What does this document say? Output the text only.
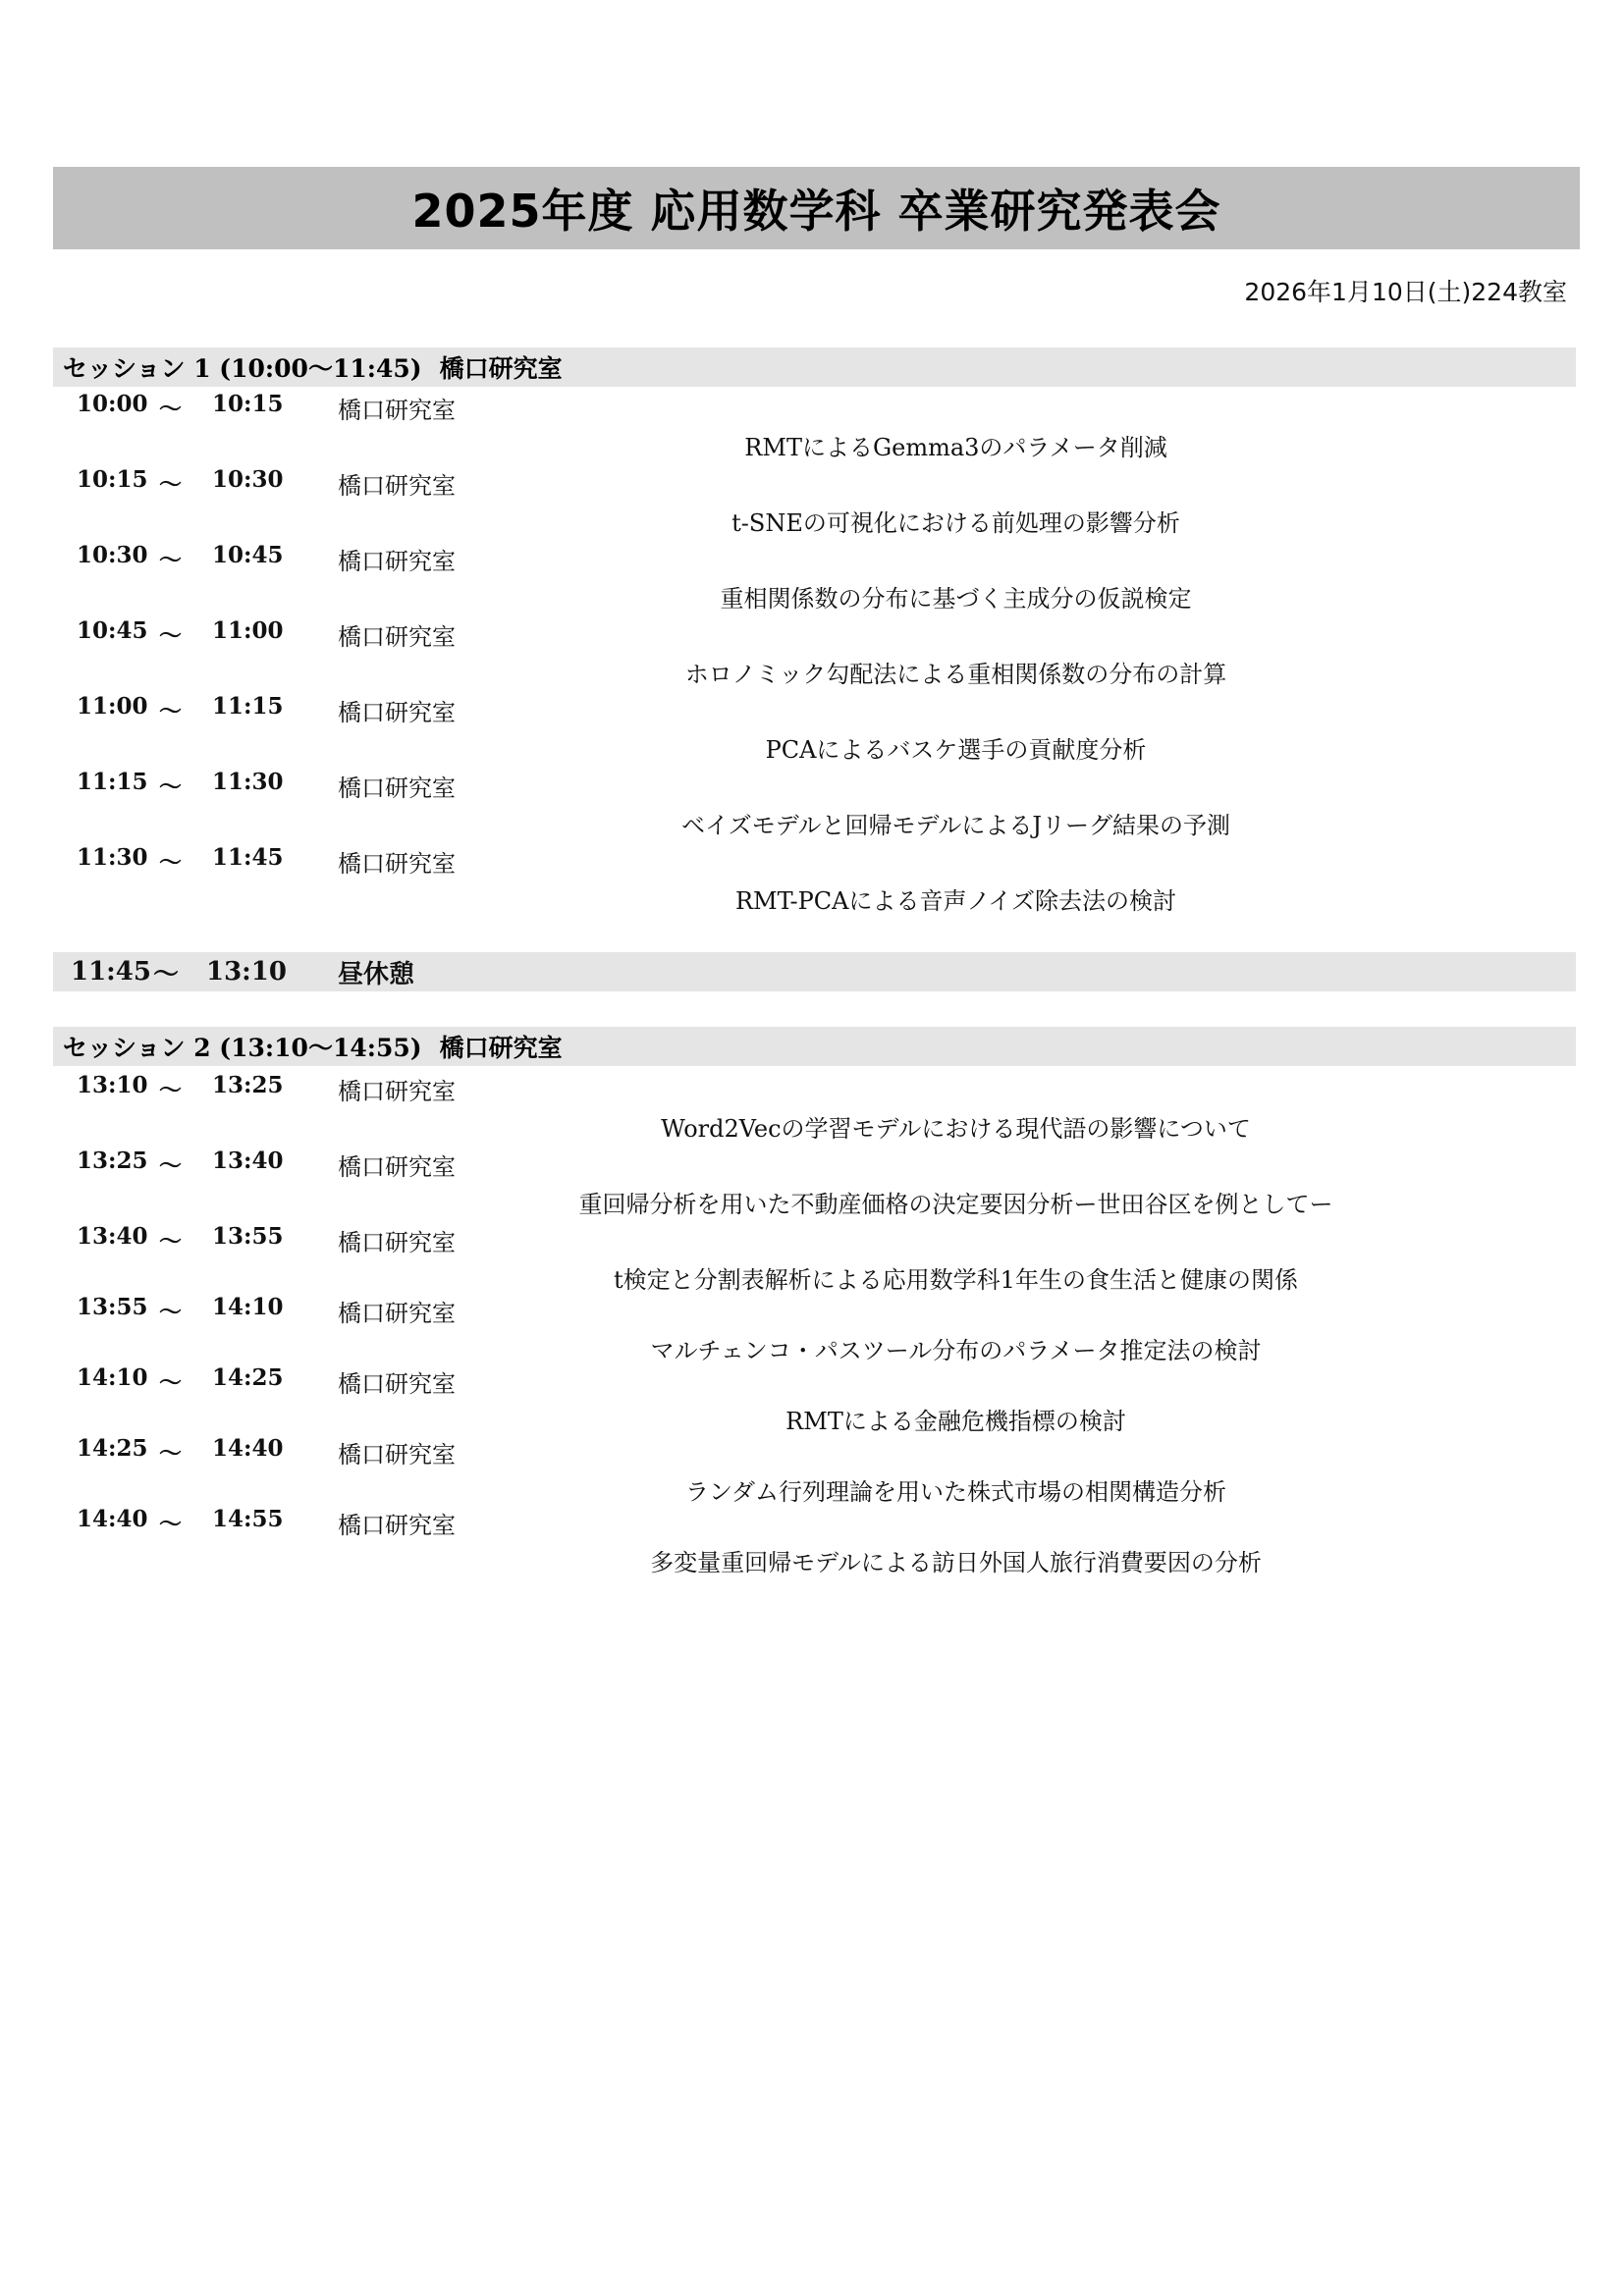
2025年度 応用数学科 卒業研究発表会
2026年1月10日(土)224教室
セッション 1 (10:00〜11:45) 橋口研究室
10:00 〜 10:15 橋口研究室
RMTによるGemma3のパラメータ削減
10:15 〜 10:30 橋口研究室
t-SNEの可視化における前処理の影響分析
10:30 〜 10:45 橋口研究室
重相関係数の分布に基づく主成分の仮説検定
10:45 〜 11:00 橋口研究室
ホロノミック勾配法による重相関係数の分布の計算
11:00 〜 11:15 橋口研究室
PCAによるバスケ選手の貢献度分析
11:15 〜 11:30 橋口研究室
ベイズモデルと回帰モデルによるJリーグ結果の予測
11:30 〜 11:45 橋口研究室
RMT-PCAによる音声ノイズ除去法の検討
11:45 〜 13:10 昼休憩
セッション 2 (13:10〜14:55) 橋口研究室
13:10 〜 13:25 橋口研究室
Word2Vecの学習モデルにおける現代語の影響について
13:25 〜 13:40 橋口研究室
重回帰分析を用いた不動産価格の決定要因分析ー世田谷区を例としてー
13:40 〜 13:55 橋口研究室
t検定と分割表解析による応用数学科1年生の食生活と健康の関係
13:55 〜 14:10 橋口研究室
マルチェンコ・パスツール分布のパラメータ推定法の検討
14:10 〜 14:25 橋口研究室
RMTによる金融危機指標の検討
14:25 〜 14:40 橋口研究室
ランダム行列理論を用いた株式市場の相関構造分析
14:40 〜 14:55 橋口研究室
多変量重回帰モデルによる訪日外国人旅行消費要因の分析
